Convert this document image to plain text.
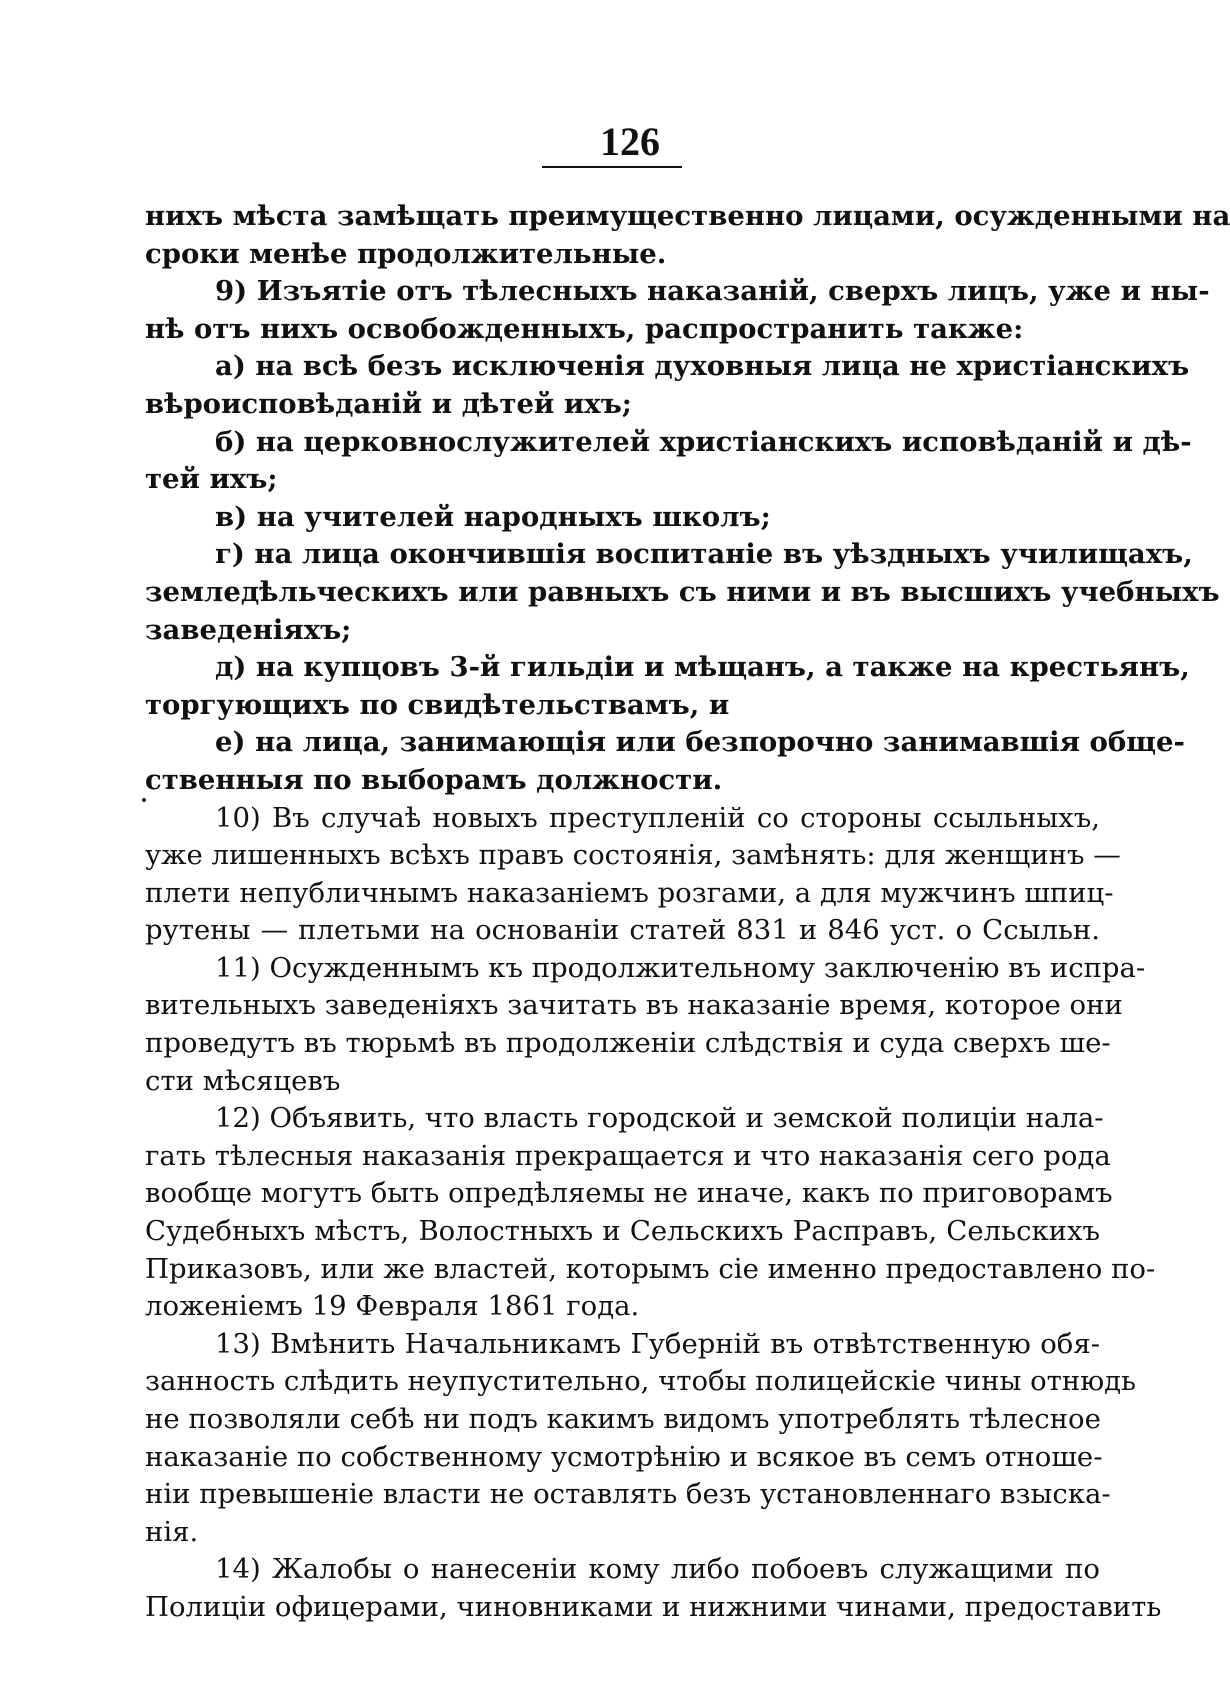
126
нихъ мѣста замѣщать преимущественно лицами, осужденными на
сроки менѣе продолжительные.
9) Изъятіе отъ тѣлесныхъ наказаній, сверхъ лицъ, уже и ны-
нѣ отъ нихъ освобожденныхъ, распространить также:
а) на всѣ безъ исключенія духовныя лица не христіанскихъ
вѣроисповѣданій и дѣтей ихъ;
б) на церковнослужителей христіанскихъ исповѣданій и дѣ-
тей ихъ;
в) на учителей народныхъ школъ;
г) на лица окончившія воспитаніе въ уѣздныхъ училищахъ,
земледѣльческихъ или равныхъ съ ними и въ высшихъ учебныхъ
заведеніяхъ;
д) на купцовъ 3-й гильдіи и мѣщанъ, а также на крестьянъ,
торгующихъ по свидѣтельствамъ, и
е) на лица, занимающія или безпорочно занимавшія обще-
ственныя по выборамъ должности.
10) Въ случаѣ новыхъ преступленій со стороны ссыльныхъ,
уже лишенныхъ всѣхъ правъ состоянія, замѣнять: для женщинъ —
плети непубличнымъ наказаніемъ розгами, а для мужчинъ шпиц-
рутены — плетьми на основаніи статей 831 и 846 уст. о Ссыльн.
11) Осужденнымъ къ продолжительному заключенію въ испра-
вительныхъ заведеніяхъ зачитать въ наказаніе время, которое они
проведутъ въ тюрьмѣ въ продолженіи слѣдствія и суда сверхъ ше-
сти мѣсяцевъ
12) Объявить, что власть городской и земской полиціи нала-
гать тѣлесныя наказанія прекращается и что наказанія сего рода
вообще могутъ быть опредѣляемы не иначе, какъ по приговорамъ
Судебныхъ мѣстъ, Волостныхъ и Сельскихъ Расправъ, Сельскихъ
Приказовъ, или же властей, которымъ сіе именно предоставлено по-
ложеніемъ 19 Февраля 1861 года.
13) Вмѣнить Начальникамъ Губерній въ отвѣтственную обя-
занность слѣдить неупустительно, чтобы полицейскіе чины отнюдь
не позволяли себѣ ни подъ какимъ видомъ употреблять тѣлесное
наказаніе по собственному усмотрѣнію и всякое въ семъ отноше-
ніи превышеніе власти не оставлять безъ установленнаго взыска-
нія.
14) Жалобы о нанесеніи кому либо побоевъ служащими по
Полиціи офицерами, чиновниками и нижними чинами, предоставить
